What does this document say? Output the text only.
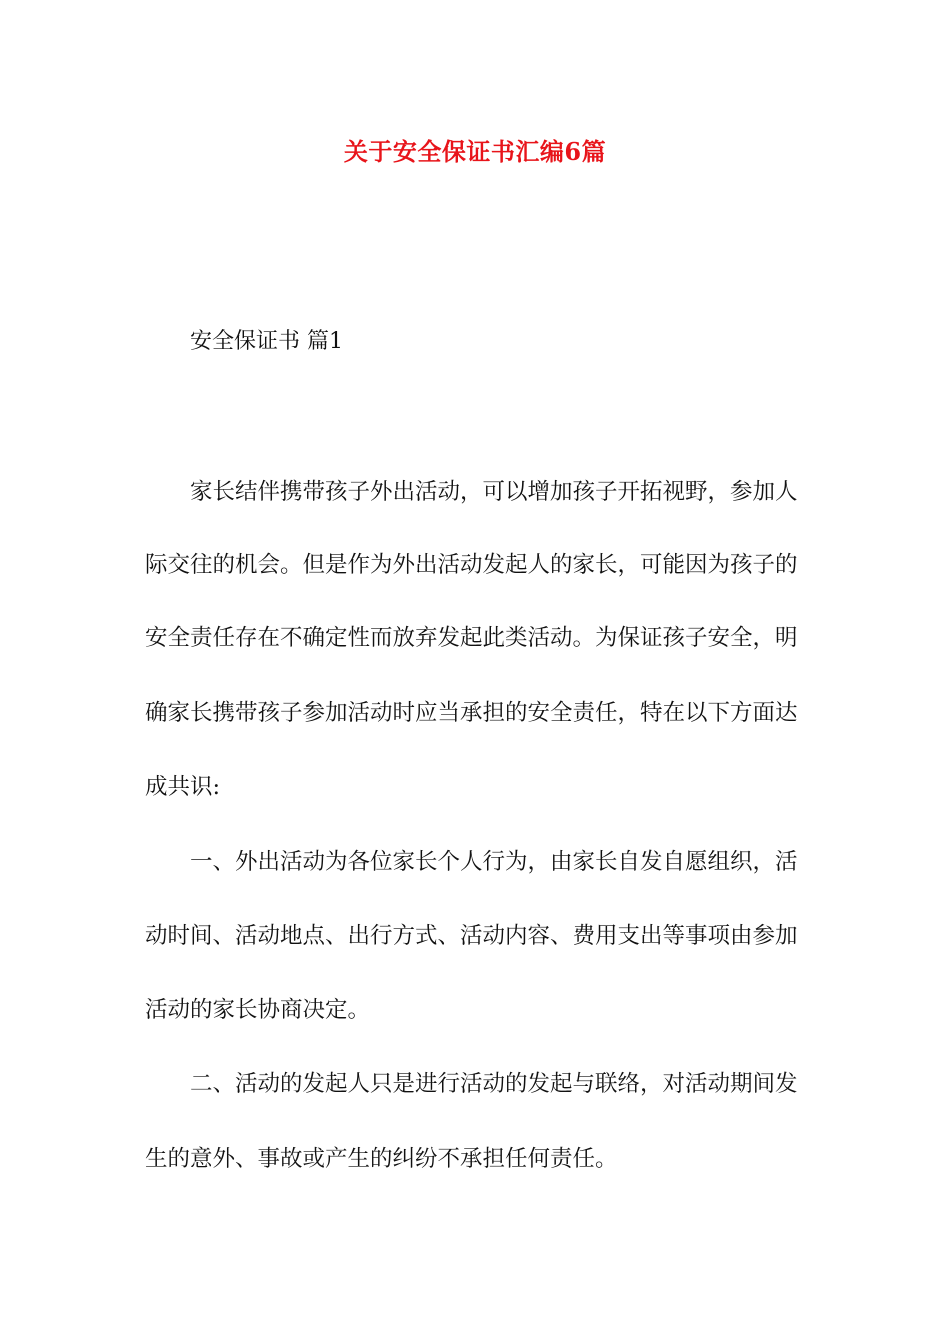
关于安全保证书汇编6篇
安全保证书 篇1
家长结伴携带孩子外出活动，可以增加孩子开拓视野，参加人
际交往的机会。但是作为外出活动发起人的家长，可能因为孩子的
安全责任存在不确定性而放弃发起此类活动。为保证孩子安全，明
确家长携带孩子参加活动时应当承担的安全责任，特在以下方面达
成共识:
一、外出活动为各位家长个人行为，由家长自发自愿组织，活
动时间、活动地点、出行方式、活动内容、费用支出等事项由参加
活动的家长协商决定。
二、活动的发起人只是进行活动的发起与联络，对活动期间发
生的意外、事故或产生的纠纷不承担任何责任。
